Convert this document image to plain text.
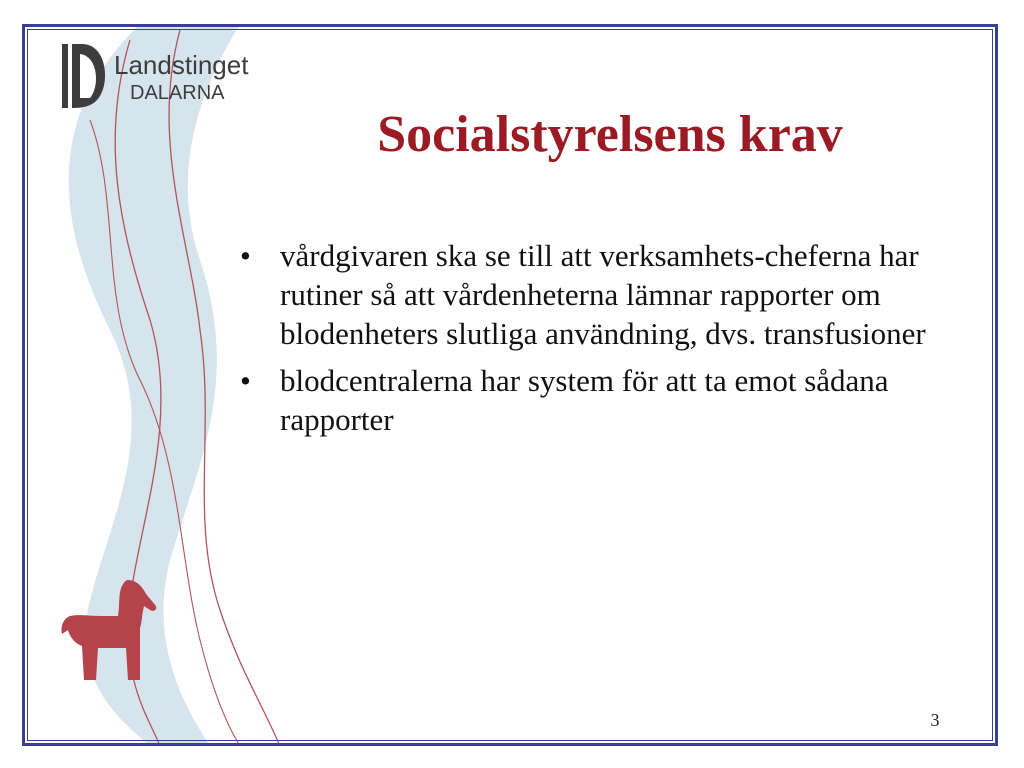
Landstinget
DALARNA
Socialstyrelsens krav
• vårdgivaren ska se till att verksamhets-cheferna har rutiner så att vårdenheterna lämnar rapporter om blodenheters slutliga användning, dvs. transfusioner
• blodcentralerna har system för att ta emot sådana rapporter
3
